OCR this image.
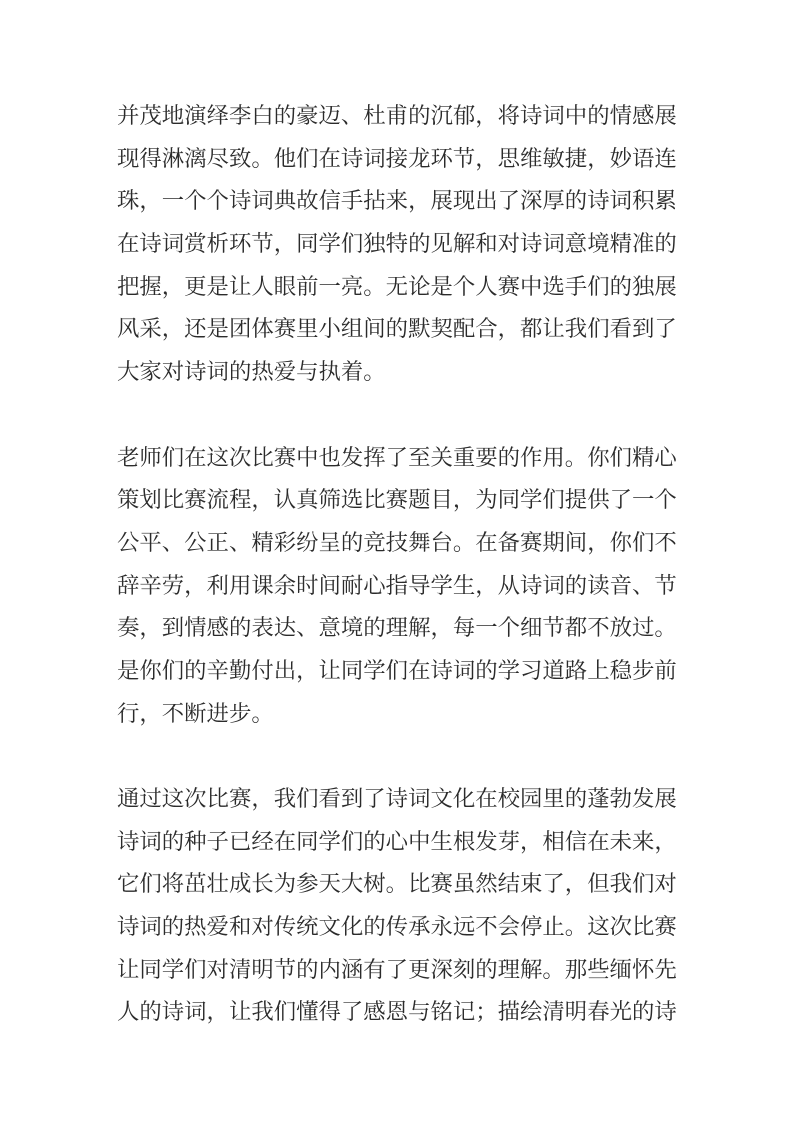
并茂地演绎李白的豪迈、杜甫的沉郁，将诗词中的情感展
现得淋漓尽致。他们在诗词接龙环节，思维敏捷，妙语连
珠，一个个诗词典故信手拈来，展现出了深厚的诗词积累
在诗词赏析环节，同学们独特的见解和对诗词意境精准的
把握，更是让人眼前一亮。无论是个人赛中选手们的独展
风采，还是团体赛里小组间的默契配合，都让我们看到了
大家对诗词的热爱与执着。
老师们在这次比赛中也发挥了至关重要的作用。你们精心
策划比赛流程，认真筛选比赛题目，为同学们提供了一个
公平、公正、精彩纷呈的竞技舞台。在备赛期间，你们不
辞辛劳，利用课余时间耐心指导学生，从诗词的读音、节
奏，到情感的表达、意境的理解，每一个细节都不放过。
是你们的辛勤付出，让同学们在诗词的学习道路上稳步前
行，不断进步。
通过这次比赛，我们看到了诗词文化在校园里的蓬勃发展
诗词的种子已经在同学们的心中生根发芽，相信在未来，
它们将茁壮成长为参天大树。比赛虽然结束了，但我们对
诗词的热爱和对传统文化的传承永远不会停止。这次比赛
让同学们对清明节的内涵有了更深刻的理解。那些缅怀先
人的诗词，让我们懂得了感恩与铭记；描绘清明春光的诗
